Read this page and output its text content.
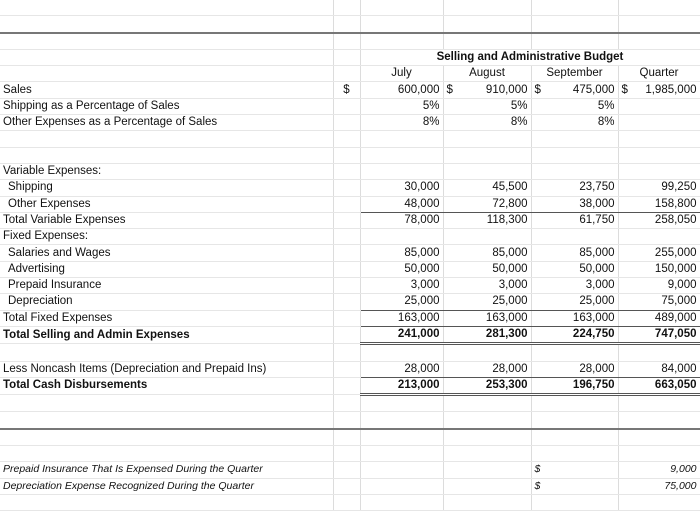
		Selling and Administrative Budget			
		July	August	September	Quarter
Sales	$	600,000	$ 910,000	$ 475,000	$ 1,985,000
Shipping as a Percentage of Sales		5%	5%	5%	
Other Expenses as a Percentage of Sales		8%	8%	8%	

Variable Expenses:					
Shipping		30,000	45,500	23,750	99,250
Other Expenses		48,000	72,800	38,000	158,800
Total Variable Expenses		78,000	118,300	61,750	258,050
Fixed Expenses:					
Salaries and Wages		85,000	85,000	85,000	255,000
Advertising		50,000	50,000	50,000	150,000
Prepaid Insurance		3,000	3,000	3,000	9,000
Depreciation		25,000	25,000	25,000	75,000
Total Fixed Expenses		163,000	163,000	163,000	489,000
Total Selling and Admin Expenses		241,000	281,300	224,750	747,050

Less Noncash Items (Depreciation and Prepaid Ins)		28,000	28,000	28,000	84,000
Total Cash Disbursements		213,000	253,300	196,750	663,050

Prepaid Insurance That Is Expensed During the Quarter				$	9,000
Depreciation Expense Recognized During the Quarter				$	75,000
